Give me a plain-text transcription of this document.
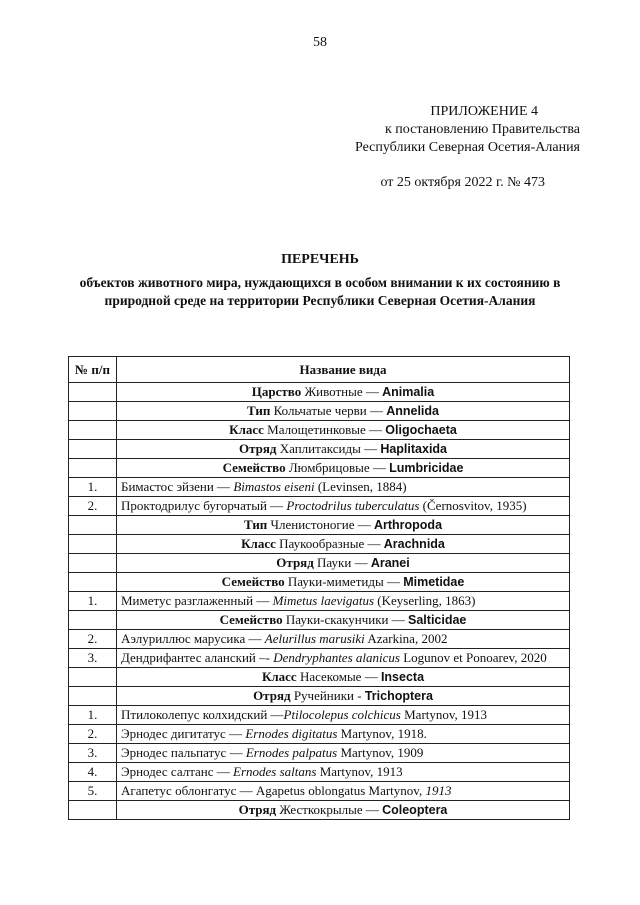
58
ПРИЛОЖЕНИЕ 4
к постановлению Правительства
Республики Северная Осетия-Алания
от 25 октября 2022 г. № 473
ПЕРЕЧЕНЬ
объектов животного мира, нуждающихся в особом внимании к их состоянию в природной среде на территории Республики Северная Осетия-Алания
№ п/п	Название вида
	Царство Животные — Animalia
	Тип Кольчатые черви — Annelida
	Класс Малощетинковые — Oligochaeta
	Отряд Хаплитаксиды — Haplitaxida
	Семейство Люмбрицовые — Lumbricidae
1.	Бимастос эйзени — Bimastos eiseni (Levinsen, 1884)
2.	Проктодрилус бугорчатый — Proctodrilus tuberculatus (Černosvitov, 1935)
	Тип Членистоногие — Arthropoda
	Класс Паукообразные — Arachnida
	Отряд Пауки — Aranei
	Семейство Пауки-миметиды — Mimetidae
1.	Миметус разглаженный — Mimetus laevigatus (Keyserling, 1863)
	Семейство Пауки-скакунчики — Salticidae
2.	Аэлуриллюс марусика — Aelurillus marusiki Azarkina, 2002
3.	Дендрифантес аланский –- Dendryphantes alanicus Logunov et Ponoarev, 2020
	Класс Насекомые — Insecta
	Отряд Ручейники - Trichoptera
1.	Птилоколепус колхидский —Ptilocolepus colchicus Martynov, 1913
2.	Эрнодес дигитатус — Ernodes digitatus Martynov, 1918.
3.	Эрнодес пальпатус — Ernodes palpatus Martynov, 1909
4.	Эрнодес салтанс — Ernodes saltans Martynov, 1913
5.	Агапетус облонгатус — Agapetus oblongatus Martynov, 1913
	Отряд Жесткокрылые — Coleoptera
